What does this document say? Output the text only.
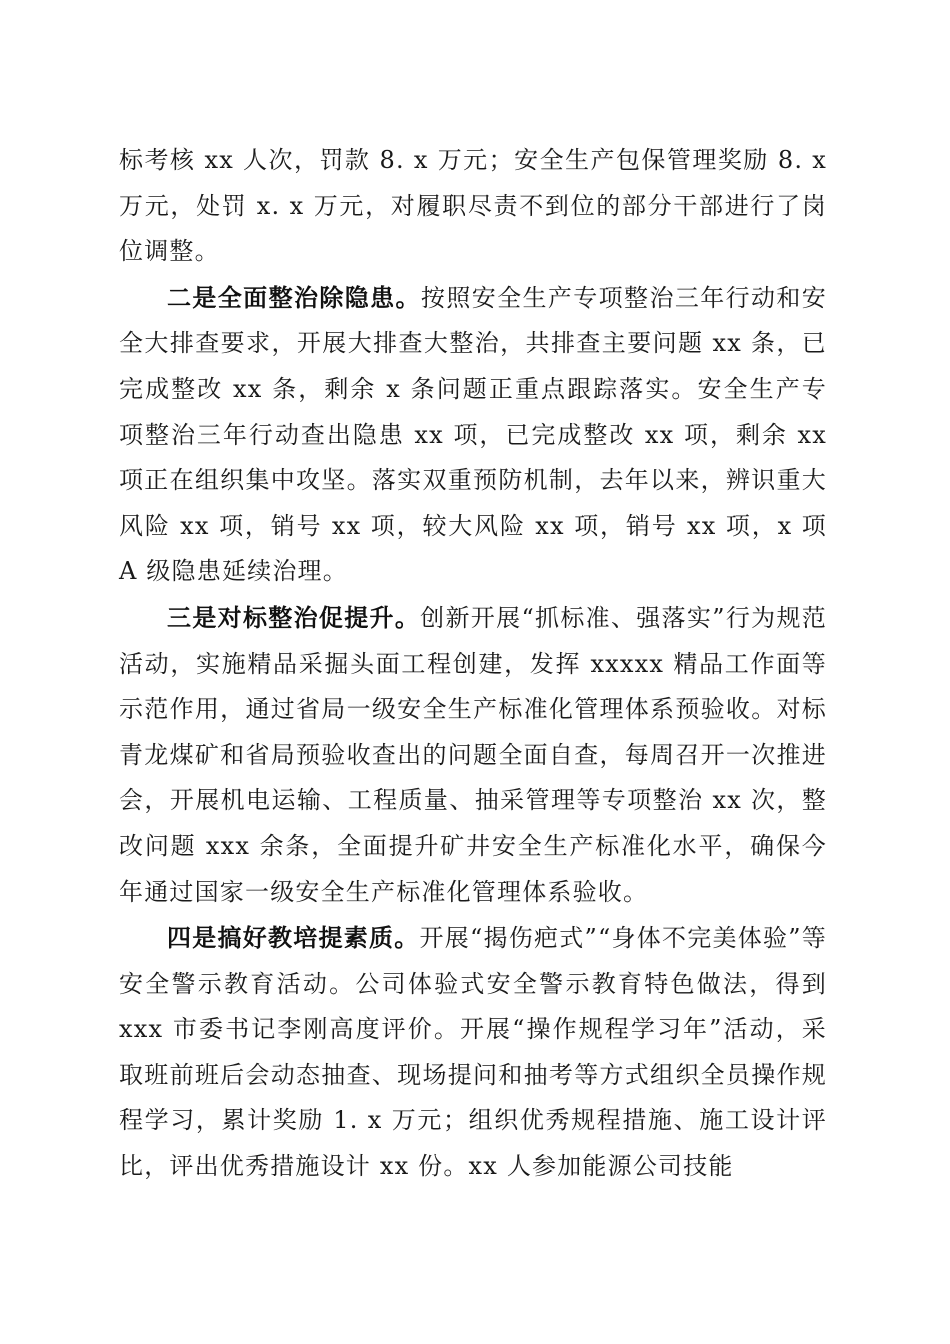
标考核 xx 人次，罚款 8. x 万元；安全生产包保管理奖励 8. x 万元，处罚 x. x 万元，对履职尽责不到位的部分干部进行了岗位调整。

二是全面整治除隐患。按照安全生产专项整治三年行动和安全大排查要求，开展大排查大整治，共排查主要问题 xx 条，已完成整改 xx 条，剩余 x 条问题正重点跟踪落实。安全生产专项整治三年行动查出隐患 xx 项，已完成整改 xx 项，剩余 xx 项正在组织集中攻坚。落实双重预防机制，去年以来，辨识重大风险 xx 项，销号 xx 项，较大风险 xx 项，销号 xx 项，x 项A 级隐患延续治理。

三是对标整治促提升。创新开展“抓标准、强落实”行为规范活动，实施精品采掘头面工程创建，发挥 xxxxx 精品工作面等示范作用，通过省局一级安全生产标准化管理体系预验收。对标青龙煤矿和省局预验收查出的问题全面自查，每周召开一次推进会，开展机电运输、工程质量、抽采管理等专项整治 xx 次，整改问题 xxx 余条，全面提升矿井安全生产标准化水平，确保今年通过国家一级安全生产标准化管理体系验收。

四是搞好教培提素质。开展“揭伤疤式”“身体不完美体验”等安全警示教育活动。公司体验式安全警示教育特色做法，得到 xxx 市委书记李刚高度评价。开展“操作规程学习年”活动，采取班前班后会动态抽查、现场提问和抽考等方式组织全员操作规程学习，累计奖励 1. x 万元；组织优秀规程措施、施工设计评比，评出优秀措施设计 xx 份。xx 人参加能源公司技能
